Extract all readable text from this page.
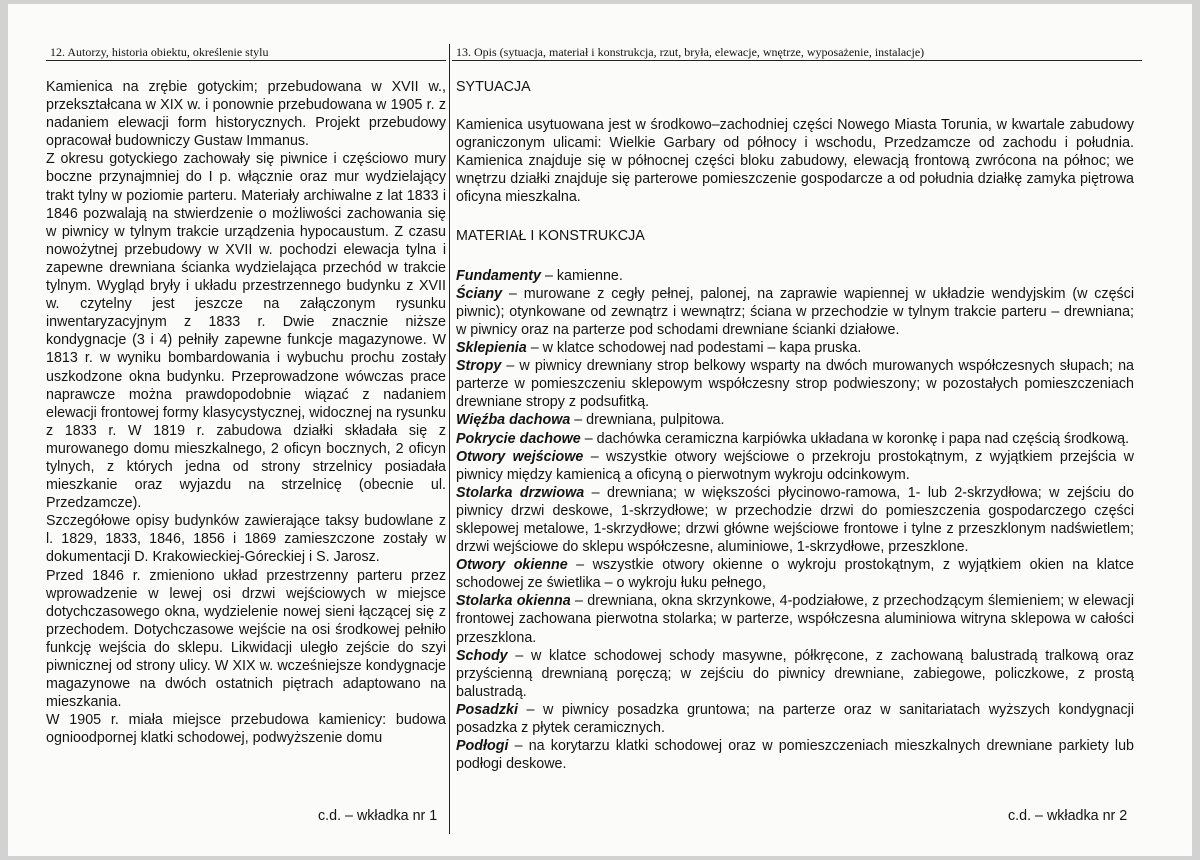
12. Autorzy, historia obiektu, określenie stylu

Kamienica na zrębie gotyckim; przebudowana w XVII w., przekształcana w XIX w. i ponownie przebudowana w 1905 r. z nadaniem elewacji form historycznych. Projekt przebudowy opracował budowniczy Gustaw Immanus.

Z okresu gotyckiego zachowały się piwnice i częściowo mury boczne przynajmniej do I p. włącznie oraz mur wydzielający trakt tylny w poziomie parteru. Materiały archiwalne z lat 1833 i 1846 pozwalają na stwierdzenie o możliwości zachowania się w piwnicy w tylnym trakcie urządzenia hypocaustum. Z czasu nowożytnej przebudowy w XVII w. pochodzi elewacja tylna i zapewne drewniana ścianka wydzielająca przechód w trakcie tylnym. Wygląd bryły i układu przestrzennego budynku z XVII w. czytelny jest jeszcze na załączonym rysunku inwentaryzacyjnym z 1833 r. Dwie znacznie niższe kondygnacje (3 i 4) pełniły zapewne funkcje magazynowe. W 1813 r. w wyniku bombardowania i wybuchu prochu zostały uszkodzone okna budynku. Przeprowadzone wówczas prace naprawcze można prawdopodobnie wiązać z nadaniem elewacji frontowej formy klasycystycznej, widocznej na rysunku z 1833 r. W 1819 r. zabudowa działki składała się z murowanego domu mieszkalnego, 2 oficyn bocznych, 2 oficyn tylnych, z których jedna od strony strzelnicy posiadała mieszkanie oraz wyjazdu na strzelnicę (obecnie ul. Przedzamcze).

Szczegółowe opisy budynków zawierające taksy budowlane z l. 1829, 1833, 1846, 1856 i 1869 zamieszczone zostały w dokumentacji D. Krakowieckiej-Góreckiej i S. Jarosz.

Przed 1846 r. zmieniono układ przestrzenny parteru przez wprowadzenie w lewej osi drzwi wejściowych w miejsce dotychczasowego okna, wydzielenie nowej sieni łączącej się z przechodem. Dotychczasowe wejście na osi środkowej pełniło funkcję wejścia do sklepu. Likwidacji uległo zejście do szyi piwnicznej od strony ulicy. W XIX w. wcześniejsze kondygnacje magazynowe na dwóch ostatnich piętrach adaptowano na mieszkania.

W 1905 r. miała miejsce przebudowa kamienicy: budowa ognioodpornej klatki schodowej, podwyższenie domu

c.d. – wkładka nr 1
13. Opis (sytuacja, materiał i konstrukcja, rzut, bryła, elewacje, wnętrze, wyposażenie, instalacje)

SYTUACJA

Kamienica usytuowana jest w środkowo–zachodniej części Nowego Miasta Torunia, w kwartale zabudowy ograniczonym ulicami: Wielkie Garbary od północy i wschodu, Przedzamcze od zachodu i południa. Kamienica znajduje się w północnej części bloku zabudowy, elewacją frontową zwrócona na północ; we wnętrzu działki znajduje się parterowe pomieszczenie gospodarcze a od południa działkę zamyka piętrowa oficyna mieszkalna.

MATERIAŁ I KONSTRUKCJA

Fundamenty – kamienne.

Ściany – murowane z cegły pełnej, palonej, na zaprawie wapiennej w układzie wendyjskim (w części piwnic); otynkowane od zewnątrz i wewnątrz; ściana w przechodzie w tylnym trakcie parteru – drewniana; w piwnicy oraz na parterze pod schodami drewniane ścianki działowe.

Sklepienia – w klatce schodowej nad podestami – kapa pruska.

Stropy – w piwnicy drewniany strop belkowy wsparty na dwóch murowanych współczesnych słupach; na parterze w pomieszczeniu sklepowym współczesny strop podwieszony; w pozostałych pomieszczeniach drewniane stropy z podsufitką.

Więźba dachowa – drewniana, pulpitowa.

Pokrycie dachowe – dachówka ceramiczna karpiówka układana w koronkę i papa nad częścią środkową.

Otwory wejściowe – wszystkie otwory wejściowe o przekroju prostokątnym, z wyjątkiem przejścia w piwnicy między kamienicą a oficyną o pierwotnym wykroju odcinkowym.

Stolarka drzwiowa – drewniana; w większości płycinowo-ramowa, 1- lub 2-skrzydłowa; w zejściu do piwnicy drzwi deskowe, 1-skrzydłowe; w przechodzie drzwi do pomieszczenia gospodarczego części sklepowej metalowe, 1-skrzydłowe; drzwi główne wejściowe frontowe i tylne z przeszklonym nadświetlem; drzwi wejściowe do sklepu współczesne, aluminiowe, 1-skrzydłowe, przeszklone.

Otwory okienne – wszystkie otwory okienne o wykroju prostokątnym, z wyjątkiem okien na klatce schodowej ze świetlika – o wykroju łuku pełnego,

Stolarka okienna – drewniana, okna skrzynkowe, 4-podziałowe, z przechodzącym ślemieniem; w elewacji frontowej zachowana pierwotna stolarka; w parterze, współczesna aluminiowa witryna sklepowa w całości przeszklona.

Schody – w klatce schodowej schody masywne, półkręcone, z zachowaną balustradą tralkową oraz przyścienną drewnianą poręczą; w zejściu do piwnicy drewniane, zabiegowe, policzkowe, z prostą balustradą.

Posadzki – w piwnicy posadzka gruntowa; na parterze oraz w sanitariatach wyższych kondygnacji posadzka z płytek ceramicznych.

Podłogi – na korytarzu klatki schodowej oraz w pomieszczeniach mieszkalnych drewniane parkiety lub podłogi deskowe.

c.d. – wkładka nr 2
